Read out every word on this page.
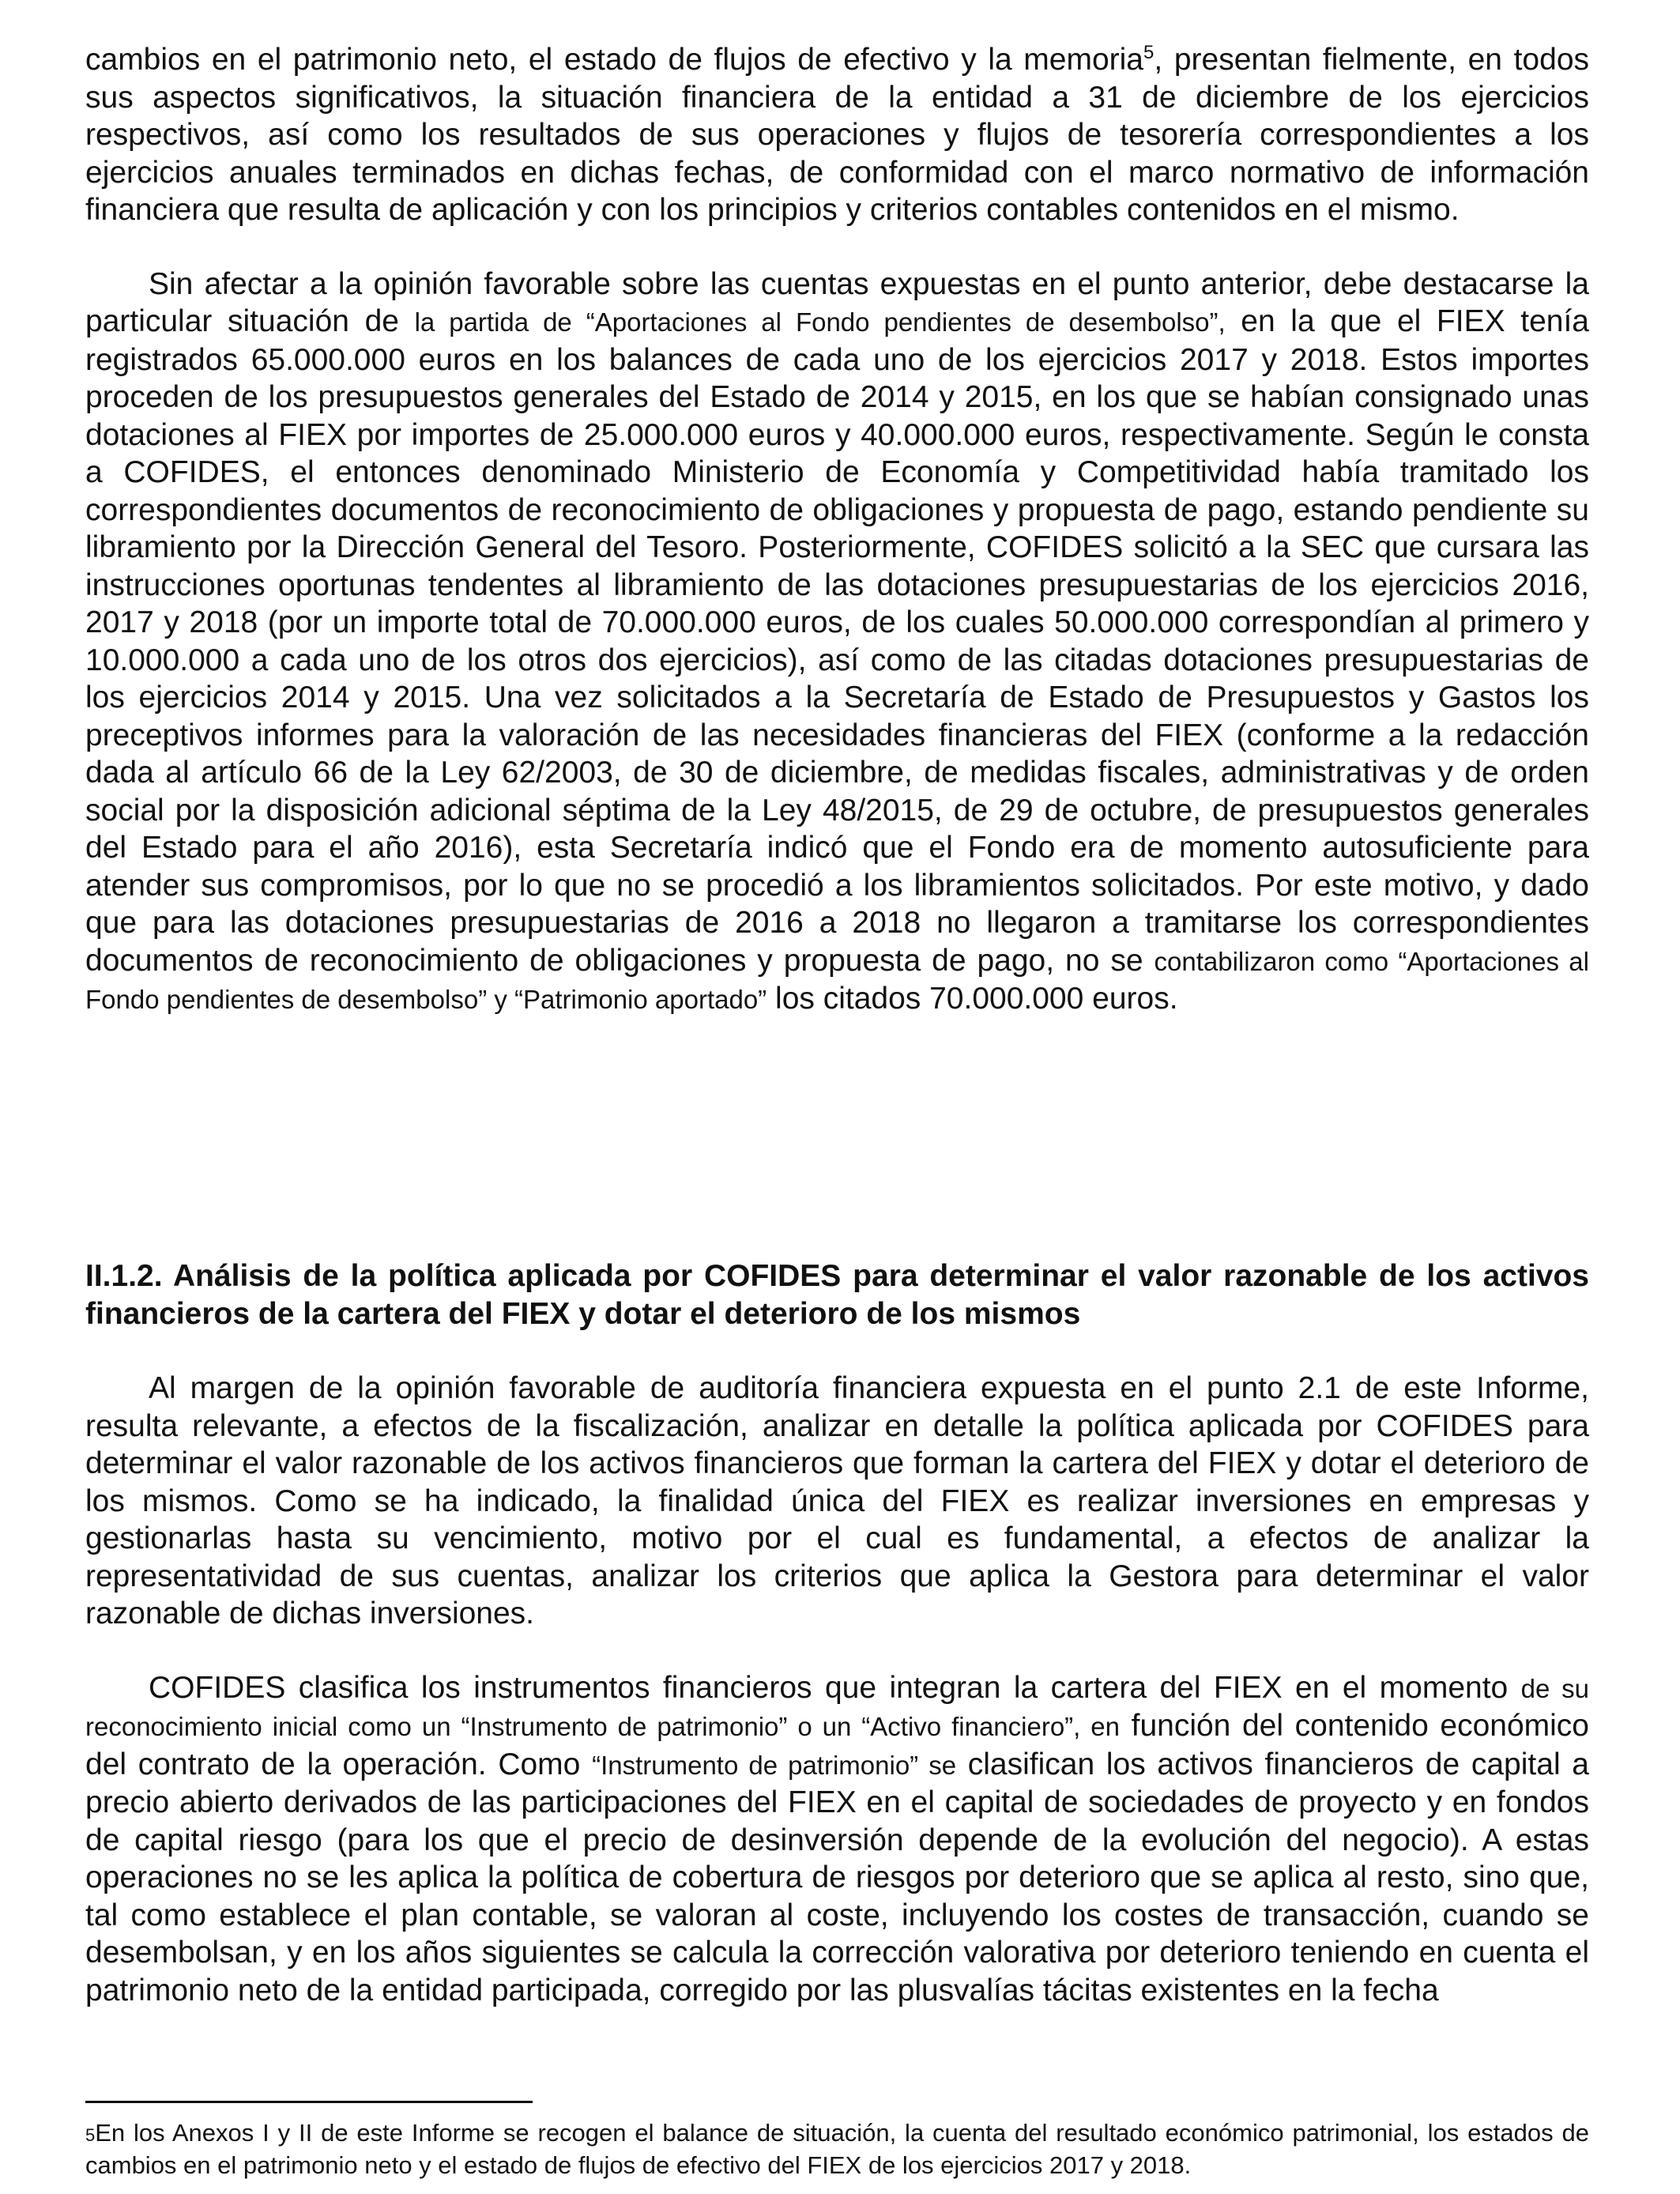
cambios en el patrimonio neto, el estado de flujos de efectivo y la memoria$^5$, presentan fielmente, en todos sus aspectos significativos, la situación financiera de la entidad a 31 de diciembre de los ejercicios respectivos, así como los resultados de sus operaciones y flujos de tesorería correspondientes a los ejercicios anuales terminados en dichas fechas, de conformidad con el marco normativo de información financiera que resulta de aplicación y con los principios y criterios contables contenidos en el mismo.

Sin afectar a la opinión favorable sobre las cuentas expuestas en el punto anterior, debe destacarse la particular situación de la partida de “Aportaciones al Fondo pendientes de desembolso”, en la que el FIEX tenía registrados 65.000.000 euros en los balances de cada uno de los ejercicios 2017 y 2018. Estos importes proceden de los presupuestos generales del Estado de 2014 y 2015, en los que se habían consignado unas dotaciones al FIEX por importes de 25.000.000 euros y 40.000.000 euros, respectivamente. Según le consta a COFIDES, el entonces denominado Ministerio de Economía y Competitividad había tramitado los correspondientes documentos de reconocimiento de obligaciones y propuesta de pago, estando pendiente su libramiento por la Dirección General del Tesoro. Posteriormente, COFIDES solicitó a la SEC que cursara las instrucciones oportunas tendentes al libramiento de las dotaciones presupuestarias de los ejercicios 2016, 2017 y 2018 (por un importe total de 70.000.000 euros, de los cuales 50.000.000 correspondían al primero y 10.000.000 a cada uno de los otros dos ejercicios), así como de las citadas dotaciones presupuestarias de los ejercicios 2014 y 2015. Una vez solicitados a la Secretaría de Estado de Presupuestos y Gastos los preceptivos informes para la valoración de las necesidades financieras del FIEX (conforme a la redacción dada al artículo 66 de la Ley 62/2003, de 30 de diciembre, de medidas fiscales, administrativas y de orden social por la disposición adicional séptima de la Ley 48/2015, de 29 de octubre, de presupuestos generales del Estado para el año 2016), esta Secretaría indicó que el Fondo era de momento autosuficiente para atender sus compromisos, por lo que no se procedió a los libramientos solicitados. Por este motivo, y dado que para las dotaciones presupuestarias de 2016 a 2018 no llegaron a tramitarse los correspondientes documentos de reconocimiento de obligaciones y propuesta de pago, no se contabilizaron como “Aportaciones al Fondo pendientes de desembolso” y “Patrimonio aportado” los citados 70.000.000 euros.

II.1.2. Análisis de la política aplicada por COFIDES para determinar el valor razonable de los activos financieros de la cartera del FIEX y dotar el deterioro de los mismos

Al margen de la opinión favorable de auditoría financiera expuesta en el punto 2.1 de este Informe, resulta relevante, a efectos de la fiscalización, analizar en detalle la política aplicada por COFIDES para determinar el valor razonable de los activos financieros que forman la cartera del FIEX y dotar el deterioro de los mismos. Como se ha indicado, la finalidad única del FIEX es realizar inversiones en empresas y gestionarlas hasta su vencimiento, motivo por el cual es fundamental, a efectos de analizar la representatividad de sus cuentas, analizar los criterios que aplica la Gestora para determinar el valor razonable de dichas inversiones.

COFIDES clasifica los instrumentos financieros que integran la cartera del FIEX en el momento de su reconocimiento inicial como un “Instrumento de patrimonio” o un “Activo financiero”, en función del contenido económico del contrato de la operación. Como “Instrumento de patrimonio” se clasifican los activos financieros de capital a precio abierto derivados de las participaciones del FIEX en el capital de sociedades de proyecto y en fondos de capital riesgo (para los que el precio de desinversión depende de la evolución del negocio). A estas operaciones no se les aplica la política de cobertura de riesgos por deterioro que se aplica al resto, sino que, tal como establece el plan contable, se valoran al coste, incluyendo los costes de transacción, cuando se desembolsan, y en los años siguientes se calcula la corrección valorativa por deterioro teniendo en cuenta el patrimonio neto de la entidad participada, corregido por las plusvalías tácitas existentes en la fecha

5En los Anexos I y II de este Informe se recogen el balance de situación, la cuenta del resultado económico patrimonial, los estados de cambios en el patrimonio neto y el estado de flujos de efectivo del FIEX de los ejercicios 2017 y 2018.
